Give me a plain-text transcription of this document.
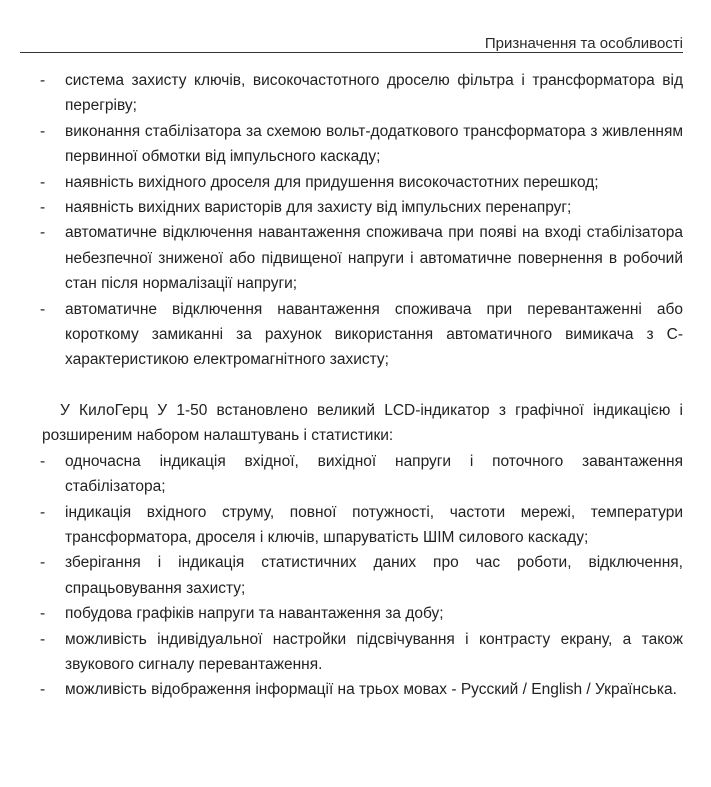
Призначення та особливості
- система захисту ключів, високочастотного дроселю фільтра і трансформатора від перегріву;
- виконання стабілізатора за схемою вольт-додаткового трансформатора з живленням первинної обмотки від імпульсного каскаду;
- наявність вихідного дроселя для придушення високочастотних перешкод;
- наявність вихідних варисторів для захисту від імпульсних перенапруг;
- автоматичне відключення навантаження споживача при появі на вході стабілізатора небезпечної зниженої або підвищеної напруги і автоматичне повернення в робочий стан після нормалізації напруги;
- автоматичне відключення навантаження споживача при перевантаженні або короткому замиканні за рахунок використання автоматичного вимикача з С-характеристикою електромагнітного захисту;

У КилоГерц У 1-50 встановлено великий LCD-індикатор з графічної індикацією і розширеним набором налаштувань і статистики:

- одночасна індикація вхідної, вихідної напруги і поточного завантаження стабілізатора;
- індикація вхідного струму, повної потужності, частоти мережі, температури трансформатора, дроселя і ключів, шпаруватість ШІМ силового каскаду;
- зберігання і індикація статистичних даних про час роботи, відключення, спрацьовування захисту;
- побудова графіків напруги та навантаження за добу;
- можливість індивідуальної настройки підсвічування і контрасту екрану, а також звукового сигналу перевантаження.
- можливість відображення інформації на трьох мовах - Русский / English / Українська.
